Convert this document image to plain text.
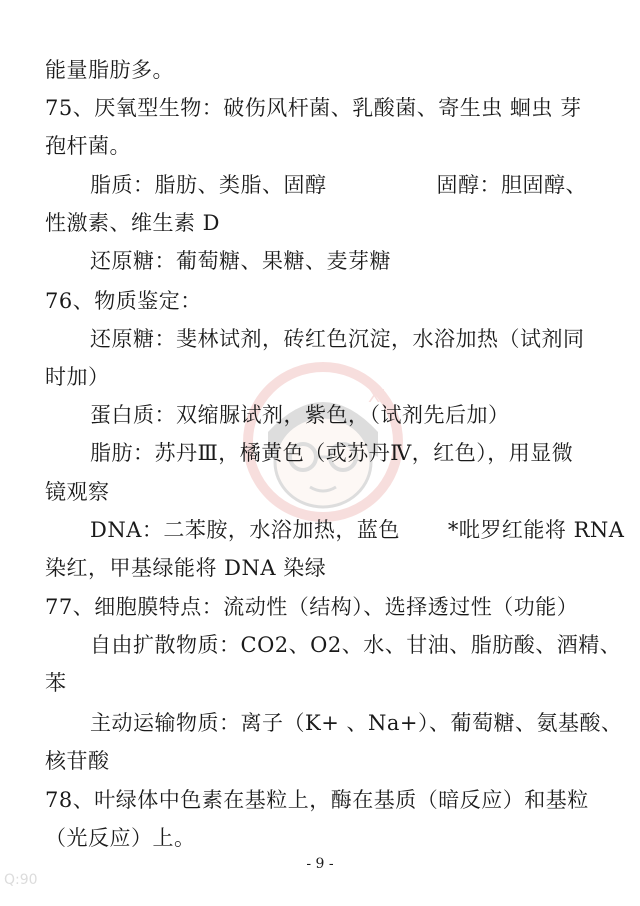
XI
能量脂肪多。
75、厌氧型生物：破伤风杆菌、乳酸菌、寄生虫 蛔虫 芽
孢杆菌。
脂质：脂肪、类脂、固醇	固醇：胆固醇、
性激素、维生素 D
还原糖：葡萄糖、果糖、麦芽糖
76、物质鉴定：
还原糖：斐林试剂，砖红色沉淀，水浴加热（试剂同
时加）
蛋白质：双缩脲试剂，紫色，（试剂先后加）
脂肪：苏丹Ⅲ，橘黄色（或苏丹Ⅳ，红色），用显微
镜观察
DNA：二苯胺，水浴加热，蓝色 *吡罗红能将 RNA
染红，甲基绿能将 DNA 染绿
77、细胞膜特点：流动性（结构）、选择透过性（功能）
自由扩散物质：CO2、O2、水、甘油、脂肪酸、酒精、
苯
主动运输物质：离子（K+ 、Na+）、葡萄糖、氨基酸、
核苷酸
78、叶绿体中色素在基粒上，酶在基质（暗反应）和基粒
（光反应）上。
- 9 -
Q:90
